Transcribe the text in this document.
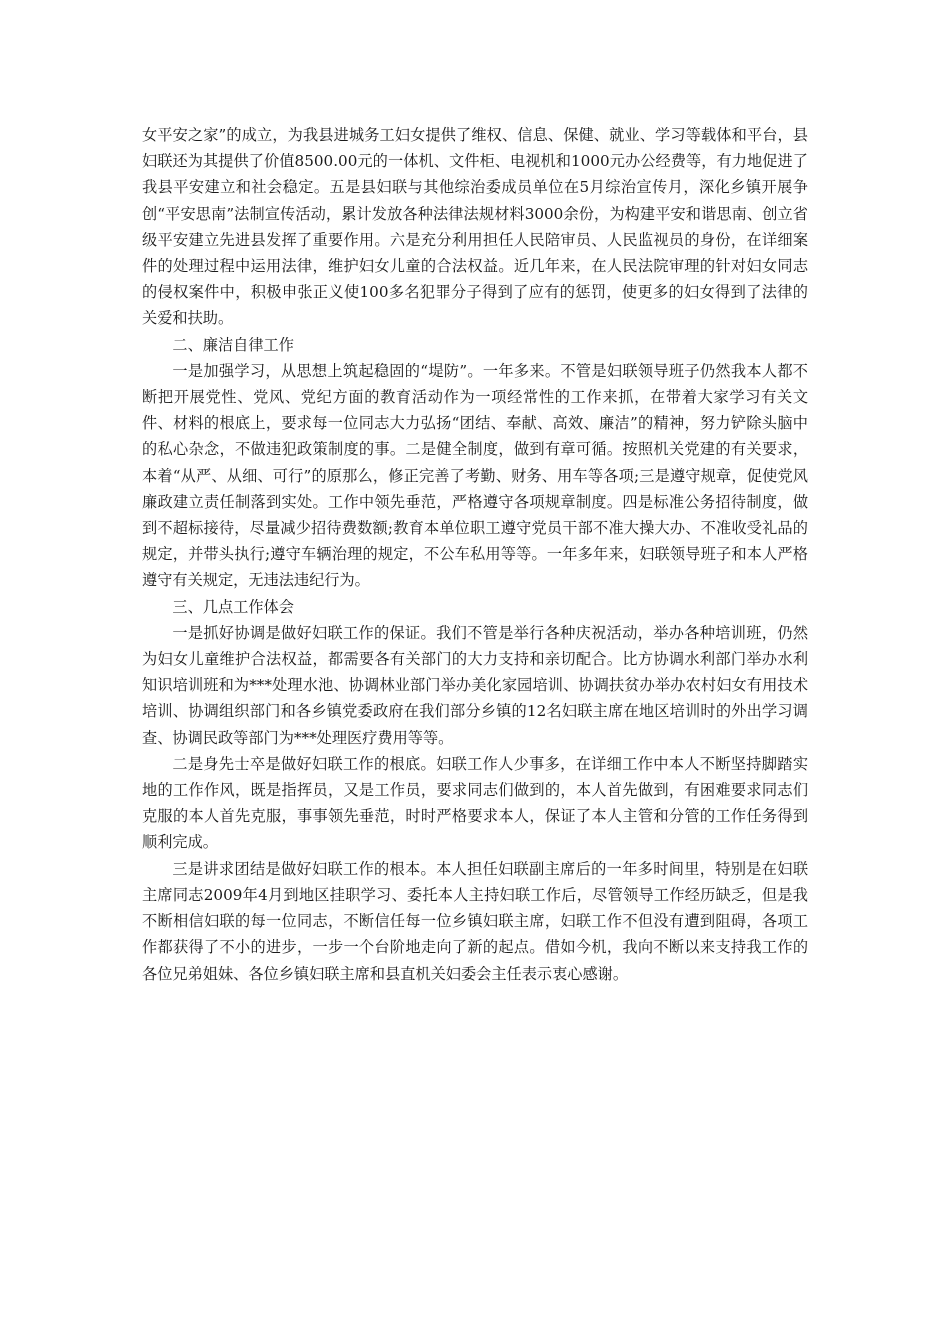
女平安之家”的成立，为我县进城务工妇女提供了维权、信息、保健、就业、学习等载体和平台，县妇联还为其提供了价值8500.00元的一体机、文件柜、电视机和1000元办公经费等，有力地促进了我县平安建立和社会稳定。五是县妇联与其他综治委成员单位在5月综治宣传月，深化乡镇开展争创“平安思南”法制宣传活动，累计发放各种法律法规材料3000余份，为构建平安和谐思南、创立省级平安建立先进县发挥了重要作用。六是充分利用担任人民陪审员、人民监视员的身份，在详细案件的处理过程中运用法律，维护妇女儿童的合法权益。近几年来，在人民法院审理的针对妇女同志的侵权案件中，积极申张正义使100多名犯罪分子得到了应有的惩罚，使更多的妇女得到了法律的关爱和扶助。

二、廉洁自律工作

一是加强学习，从思想上筑起稳固的“堤防”。一年多来。不管是妇联领导班子仍然我本人都不断把开展党性、党风、党纪方面的教育活动作为一项经常性的工作来抓，在带着大家学习有关文件、材料的根底上，要求每一位同志大力弘扬“团结、奉献、高效、廉洁”的精神，努力铲除头脑中的私心杂念，不做违犯政策制度的事。二是健全制度，做到有章可循。按照机关党建的有关要求，本着“从严、从细、可行”的原那么，修正完善了考勤、财务、用车等各项;三是遵守规章，促使党风廉政建立责任制落到实处。工作中领先垂范，严格遵守各项规章制度。四是标准公务招待制度，做到不超标接待，尽量减少招待费数额;教育本单位职工遵守党员干部不准大操大办、不准收受礼品的规定，并带头执行;遵守车辆治理的规定，不公车私用等等。一年多年来，妇联领导班子和本人严格遵守有关规定，无违法违纪行为。

三、几点工作体会

一是抓好协调是做好妇联工作的保证。我们不管是举行各种庆祝活动，举办各种培训班，仍然为妇女儿童维护合法权益，都需要各有关部门的大力支持和亲切配合。比方协调水利部门举办水利知识培训班和为***处理水池、协调林业部门举办美化家园培训、协调扶贫办举办农村妇女有用技术培训、协调组织部门和各乡镇党委政府在我们部分乡镇的12名妇联主席在地区培训时的外出学习调查、协调民政等部门为***处理医疗费用等等。

二是身先士卒是做好妇联工作的根底。妇联工作人少事多，在详细工作中本人不断坚持脚踏实地的工作作风，既是指挥员，又是工作员，要求同志们做到的，本人首先做到，有困难要求同志们克服的本人首先克服，事事领先垂范，时时严格要求本人，保证了本人主管和分管的工作任务得到顺利完成。

三是讲求团结是做好妇联工作的根本。本人担任妇联副主席后的一年多时间里，特别是在妇联主席同志2009年4月到地区挂职学习、委托本人主持妇联工作后，尽管领导工作经历缺乏，但是我不断相信妇联的每一位同志，不断信任每一位乡镇妇联主席，妇联工作不但没有遭到阻碍，各项工作都获得了不小的进步，一步一个台阶地走向了新的起点。借如今机，我向不断以来支持我工作的各位兄弟姐妹、各位乡镇妇联主席和县直机关妇委会主任表示衷心感谢。
